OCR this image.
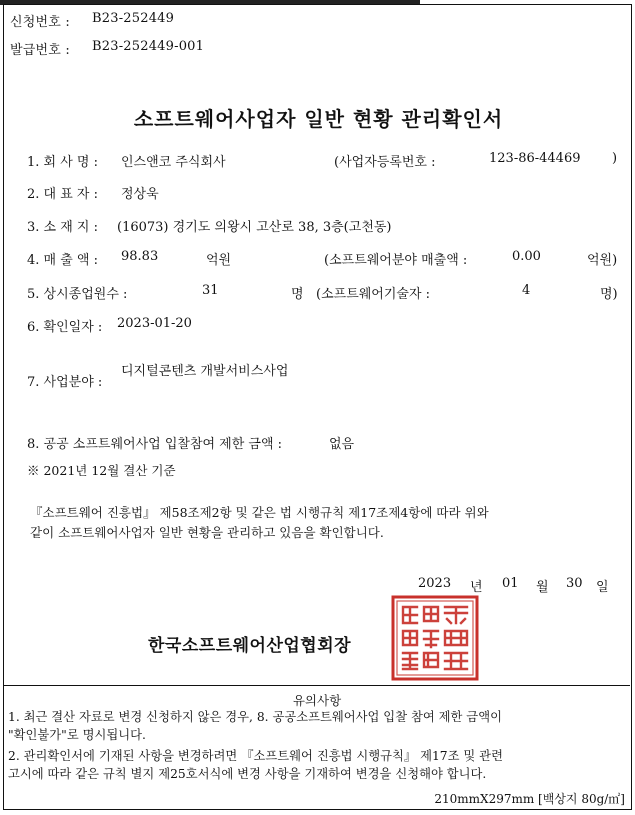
신청번호 : B23-252449
발급번호 : B23-252449-001
소프트웨어사업자 일반 현황 관리확인서
1. 회 사 명 : 인스앤코 주식회사	(사업자등록번호 :	123-86-44469 )
2. 대 표 자 : 정상욱
3. 소 재 지 : (16073) 경기도 의왕시 고산로 38, 3층(고천동)
4. 매 출 액 : 98.83	억원	(소프트웨어분야 매출액 :	0.00	억원)
5. 상시종업원수 :	31	명 (소프트웨어기술자 :	4	명)
6. 확인일자 : 2023-01-20
7. 사업분야 :
디지털콘텐츠 개발서비스사업
8. 공공 소프트웨어사업 입찰참여 제한 금액 :	없음
※ 2021년 12월 결산 기준
『소프트웨어 진흥법』 제58조제2항 및 같은 법 시행규칙 제17조제4항에 따라 위와
같이 소프트웨어사업자 일반 현황을 관리하고 있음을 확인합니다.
2023 년 01 월 30 일
한국소프트웨어산업협회장
유의사항
1. 최근 결산 자료로 변경 신청하지 않은 경우, 8. 공공소프트웨어사업 입찰 참여 제한 금액이
"확인불가"로 명시됩니다.
2. 관리확인서에 기재된 사항을 변경하려면 『소프트웨어 진흥법 시행규칙』 제17조 및 관련
고시에 따라 같은 규칙 별지 제25호서식에 변경 사항을 기재하여 변경을 신청해야 합니다.
210mmX297mm [백상지 80g/㎡]
